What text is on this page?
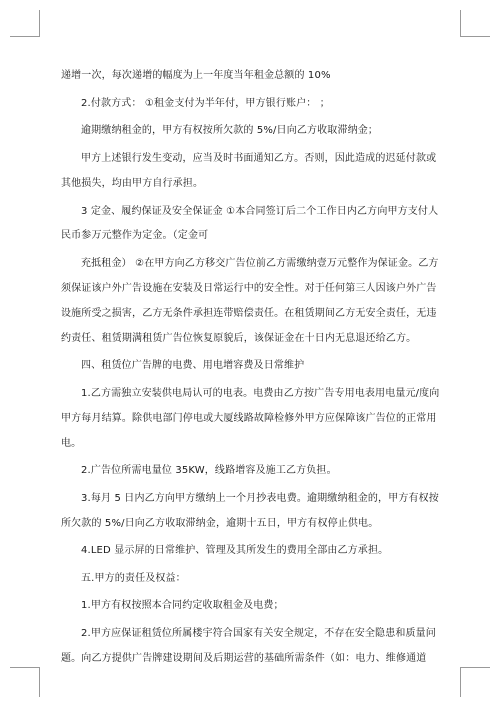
递增一次，每次递增的幅度为上一年度当年租金总额的 10%
2.付款方式： ①租金支付为半年付，甲方银行账户： ；
逾期缴纳租金的，甲方有权按所欠款的 5%/日向乙方收取滞纳金；
甲方上述银行发生变动，应当及时书面通知乙方。否则，因此造成的迟延付款或
其他损失，均由甲方自行承担。
3 定金、履约保证及安全保证金 ①本合同签订后二个工作日内乙方向甲方支付人
民币参万元整作为定金。（定金可
充抵租金） ②在甲方向乙方移交广告位前乙方需缴纳壹万元整作为保证金。乙方
须保证该户外广告设施在安装及日常运行中的安全性。对于任何第三人因该户外广告
设施所受之损害，乙方无条件承担连带赔偿责任。在租赁期间乙方无安全责任，无违
约责任、租赁期满租赁广告位恢复原貌后，该保证金在十日内无息退还给乙方。
四、租赁位广告牌的电费、用电增容费及日常维护
1.乙方需独立安装供电局认可的电表。电费由乙方按广告专用电表用电量元/度向
甲方每月结算。除供电部门停电或大厦线路故障检修外甲方应保障该广告位的正常用
电。
2.广告位所需电量位 35KW，线路增容及施工乙方负担。
3.每月 5 日内乙方向甲方缴纳上一个月抄表电费。逾期缴纳租金的，甲方有权按
所欠款的 5%/日向乙方收取滞纳金，逾期十五日，甲方有权停止供电。
4.LED 显示屏的日常维护、管理及其所发生的费用全部由乙方承担。
五.甲方的责任及权益：
1.甲方有权按照本合同约定收取租金及电费；
2.甲方应保证租赁位所属楼宇符合国家有关安全规定，不存在安全隐患和质量问
题。向乙方提供广告牌建设期间及后期运营的基础所需条件（如：电力、维修通道
